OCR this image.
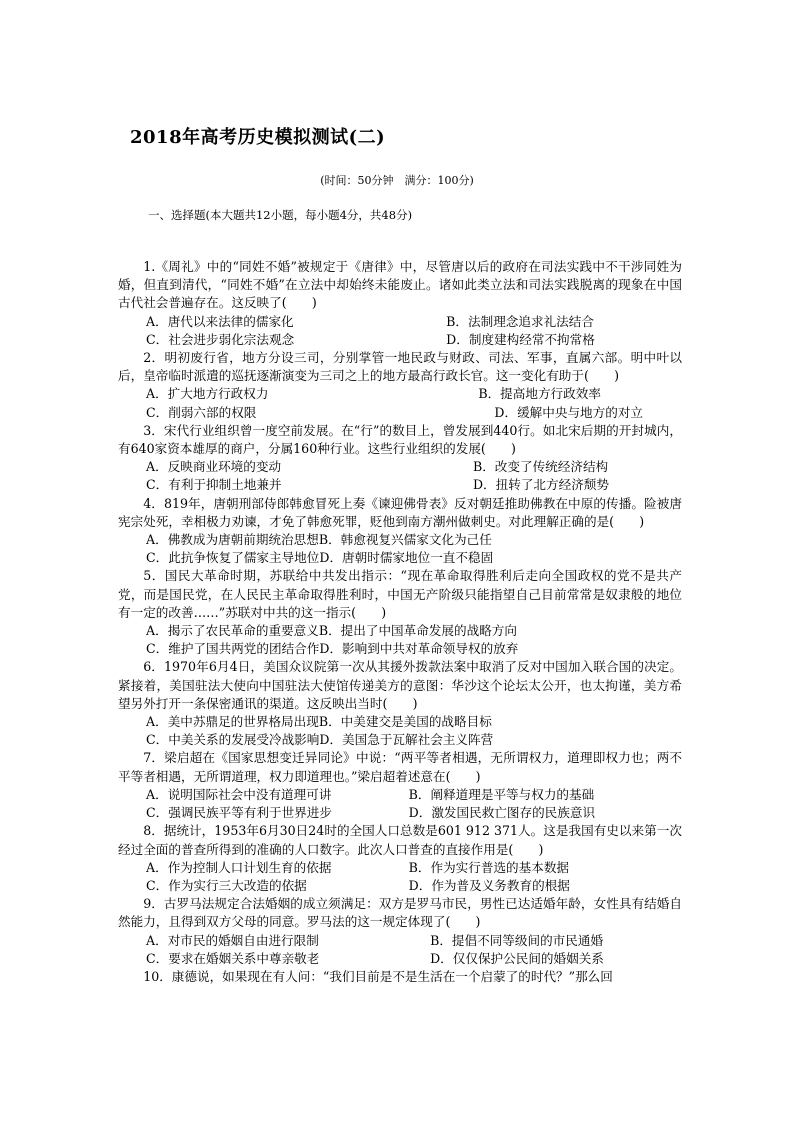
2018年高考历史模拟测试(二)
(时间：50分钟　满分：100分)
一、选择题(本大题共12小题，每小题4分，共48分)

1.《周礼》中的“同姓不婚”被规定于《唐律》中，尽管唐以后的政府在司法实践中不干涉同姓为婚，但直到清代，“同姓不婚”在立法中却始终未能废止。诸如此类立法和司法实践脱离的现象在中国古代社会普遍存在。这反映了(　　)

A．唐代以来法律的儒家化	B．法制理念追求礼法结合
C．社会进步弱化宗法观念	D．制度建构经常不拘常格

2．明初废行省，地方分设三司，分别掌管一地民政与财政、司法、军事，直属六部。明中叶以后，皇帝临时派遣的巡抚逐渐演变为三司之上的地方最高行政长官。这一变化有助于(　　)

A．扩大地方行政权力	B．提高地方行政效率
C．削弱六部的权限	D．缓解中央与地方的对立

3．宋代行业组织曾一度空前发展。在“行”的数目上，曾发展到440行。如北宋后期的开封城内，有640家资本雄厚的商户，分属160种行业。这些行业组织的发展(　　)

A．反映商业环境的变动	B．改变了传统经济结构
C．有利于抑制土地兼并	D．扭转了北方经济颓势

4．819年，唐朝刑部侍郎韩愈冒死上奏《谏迎佛骨表》反对朝廷推助佛教在中原的传播。险被唐宪宗处死，幸相极力劝谏，才免了韩愈死罪，贬他到南方潮州做刺史。对此理解正确的是(　　)

A．佛教成为唐朝前期统治思想 B．韩愈视复兴儒家文化为己任
C．此抗争恢复了儒家主导地位 D．唐朝时儒家地位一直不稳固

5．国民大革命时期，苏联给中共发出指示：“现在革命取得胜利后走向全国政权的党不是共产党，而是国民党，在人民民主革命取得胜利时，中国无产阶级只能指望自己目前常常是奴隶般的地位有一定的改善……”苏联对中共的这一指示(　　)

A．揭示了农民革命的重要意义 B．提出了中国革命发展的战略方向
C．维护了国共两党的团结合作 D．影响到中共对革命领导权的放弃

6．1970年6月4日，美国众议院第一次从其援外拨款法案中取消了反对中国加入联合国的决定。紧接着，美国驻法大使向中国驻法大使馆传递美方的意图：华沙这个论坛太公开，也太拘谨，美方希望另外打开一条保密通讯的渠道。这反映出当时(　　)

A．美中苏鼎足的世界格局出现 B．中美建交是美国的战略目标
C．中美关系的发展受冷战影响 D．美国急于瓦解社会主义阵营

7．梁启超在《国家思想变迁异同论》中说：“两平等者相遇，无所谓权力，道理即权力也；两不平等者相遇，无所谓道理，权力即道理也。”梁启超着述意在(　　)

A．说明国际社会中没有道理可讲	B．阐释道理是平等与权力的基础
C．强调民族平等有利于世界进步	D．激发国民救亡图存的民族意识

8．据统计，1953年6月30日24时的全国人口总数是601 912 371人。这是我国有史以来第一次经过全面的普查所得到的准确的人口数字。此次人口普查的直接作用是(　　)

A．作为控制人口计划生育的依据	B．作为实行普选的基本数据
C．作为实行三大改造的依据	D．作为普及义务教育的根据

9．古罗马法规定合法婚姻的成立须满足：双方是罗马市民，男性已达适婚年龄，女性具有结婚自然能力，且得到双方父母的同意。罗马法的这一规定体现了(　　)

A．对市民的婚姻自由进行限制	B．提倡不同等级间的市民通婚
C．要求在婚姻关系中尊亲敬老	D．仅仅保护公民间的婚姻关系

10．康德说，如果现在有人问：“我们目前是不是生活在一个启蒙了的时代？”那么回
